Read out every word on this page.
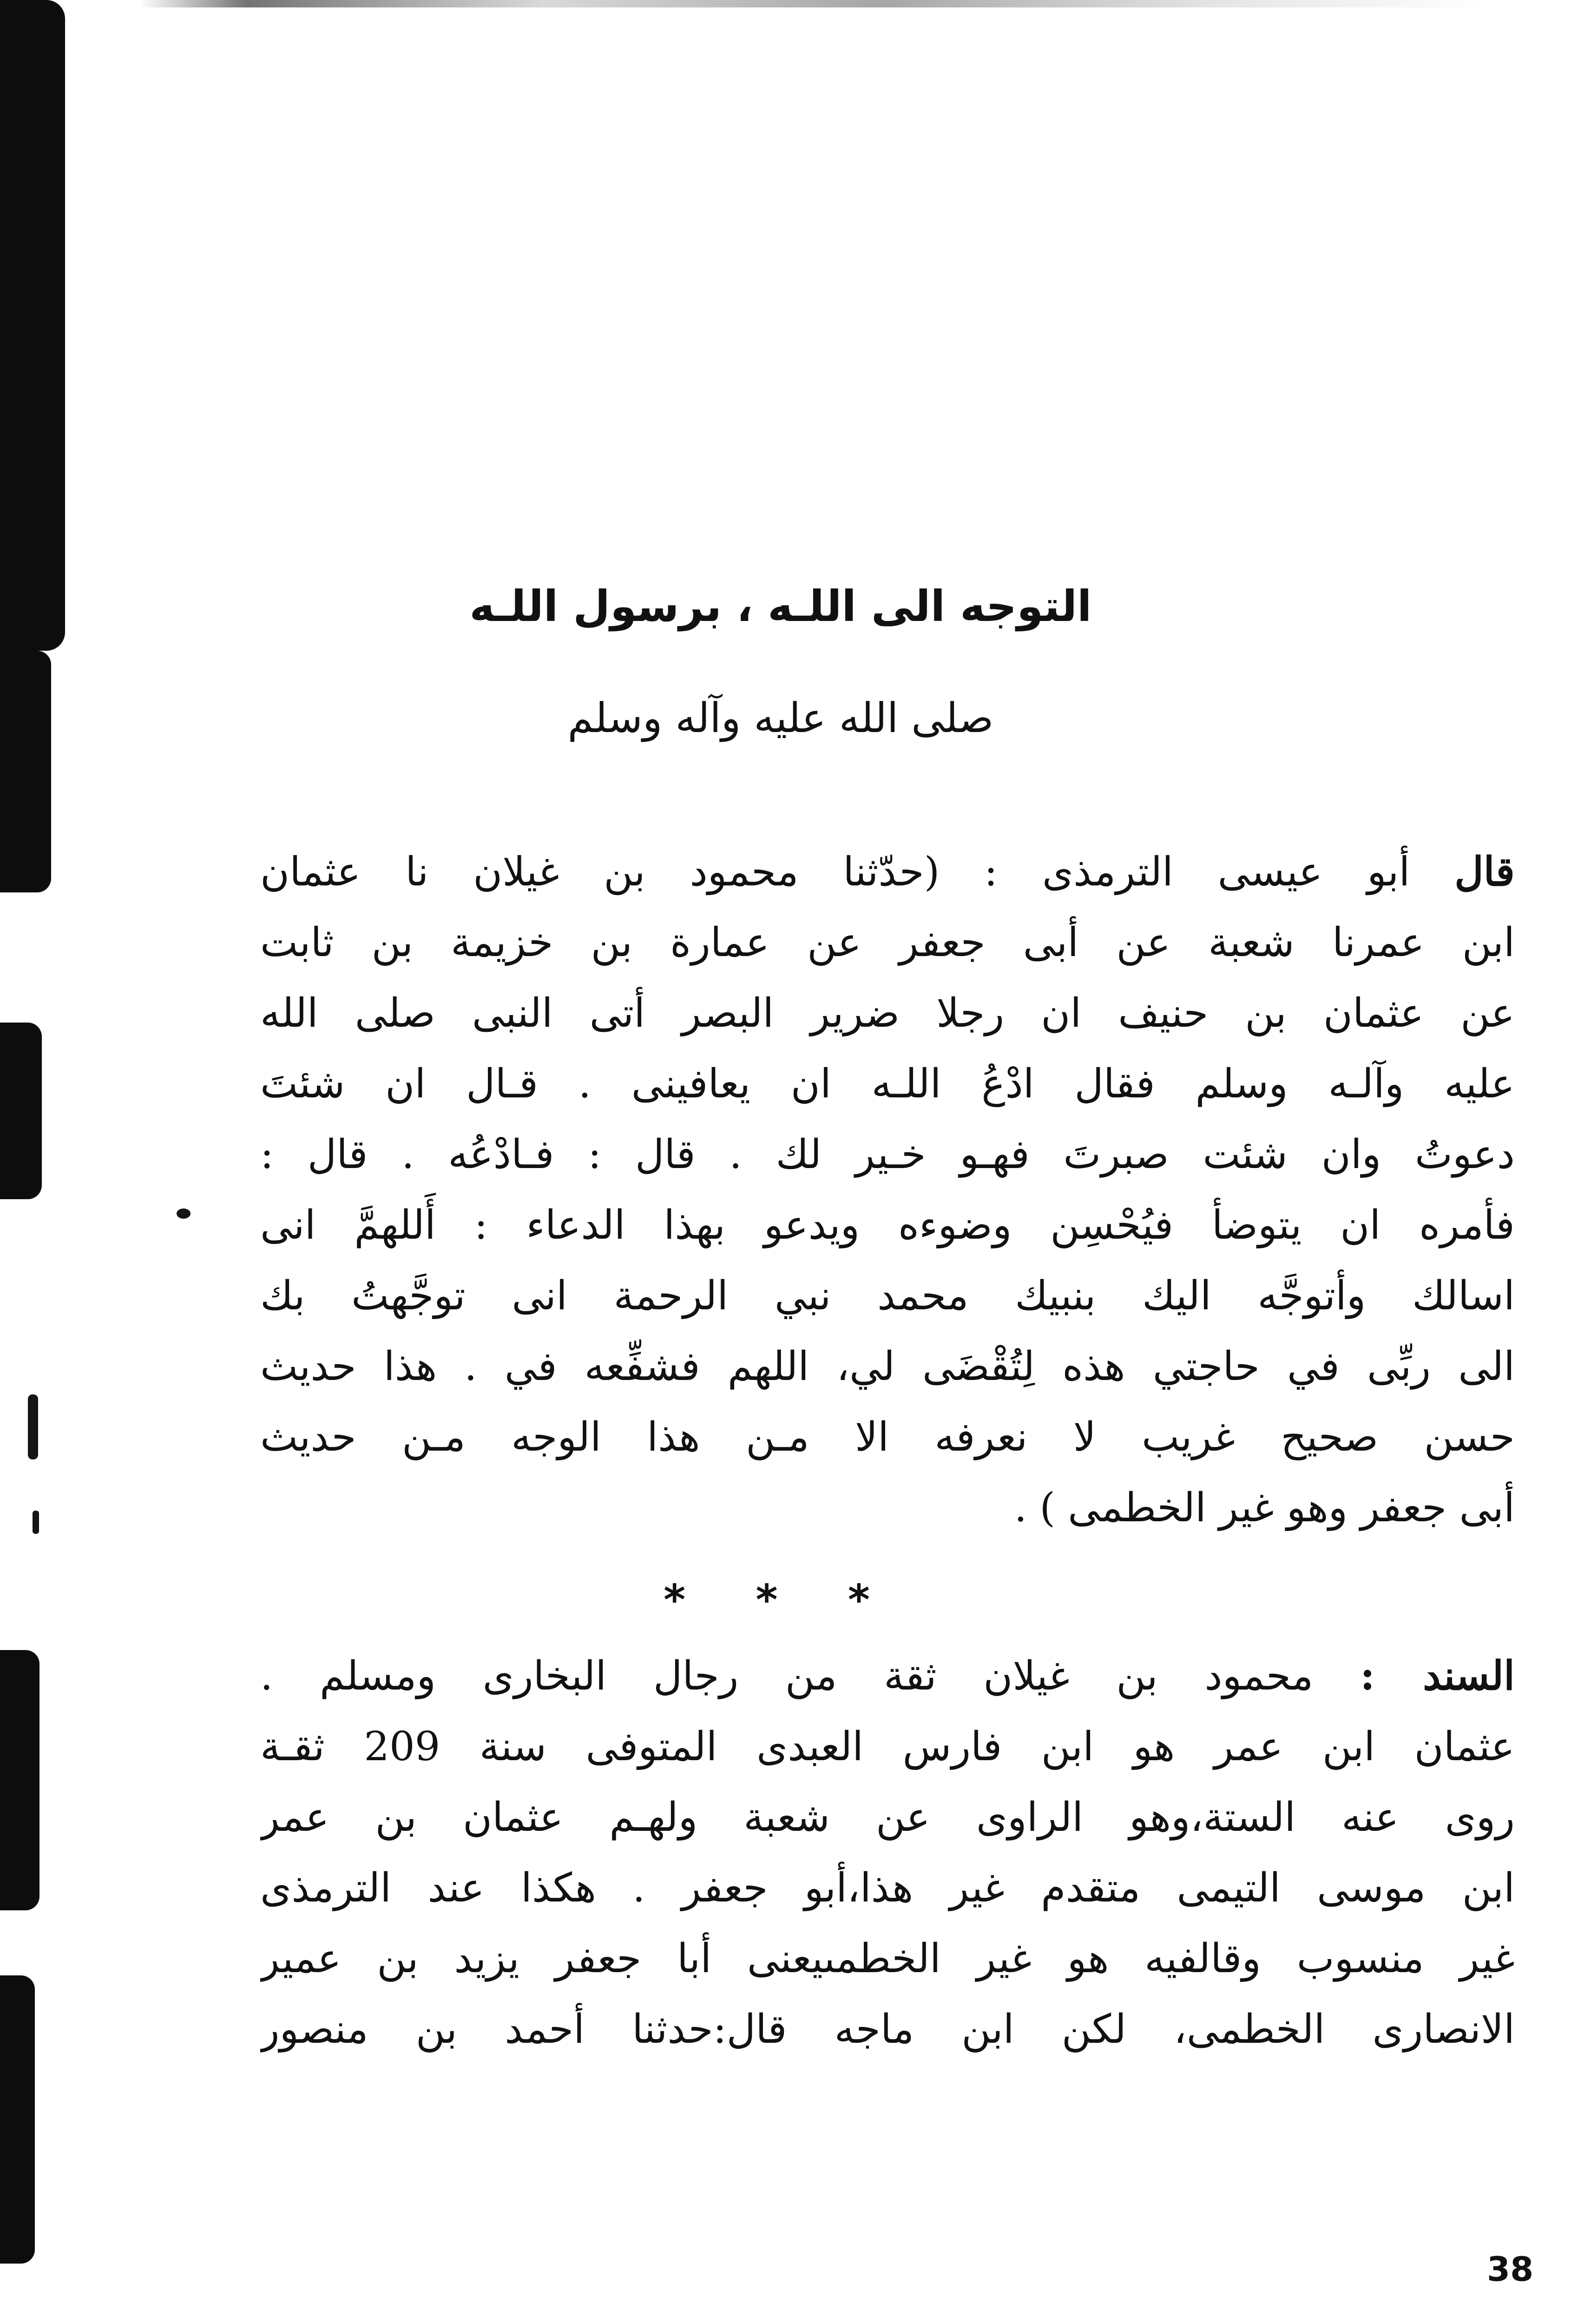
التوجه الى اللـه ، برسول اللـه
صلى الله عليه وآله وسلم
قال أبو عيسى الترمذى : (حدّثنا محمود بن غيلان نا عثمان
ابن عمرنا شعبة عن أبى جعفر عن عمارة بن خزيمة بن ثابت
عن عثمان بن حنيف ان رجلا ضرير البصر أتى النبى صلى الله
عليه وآلـه وسلم فقال ادْعُ اللـه ان يعافينى . قـال ان شئتَ
دعوتُ وان شئت صبرتَ فهـو خـير لك . قال : فـادْعُه . قال :
فأمره ان يتوضأ فيُحْسِن وضوءه ويدعو بهذا الدعاء : أَللهمَّ انى
اسالك وأتوجَّه اليك بنبيك محمد نبي الرحمة انى توجَّهتُ بك
الى ربِّى في حاجتي هذه لِتُقْضَى لي، اللهم فشفِّعه في . هذا حديث
حسن صحيح غريب لا نعرفه الا مـن هذا الوجه مـن حديث
أبى جعفر وهو غير الخطمى ) .
* * *
السند : محمود بن غيلان ثقة من رجال البخارى ومسلم .
عثمان ابن عمر هو ابن فارس العبدى المتوفى سنة 209 ثقـة
روى عنه الستة،وهو الراوى عن شعبة ولهـم عثمان بن عمر
ابن موسى التيمى متقدم غير هذا،أبو جعفر . هكذا عند الترمذى
غير منسوب وقالفيه هو غير الخطمىيعنى أبا جعفر يزيد بن عمير
الانصارى الخطمى، لكن ابن ماجه قال:حدثنا أحمد بن منصور
38
